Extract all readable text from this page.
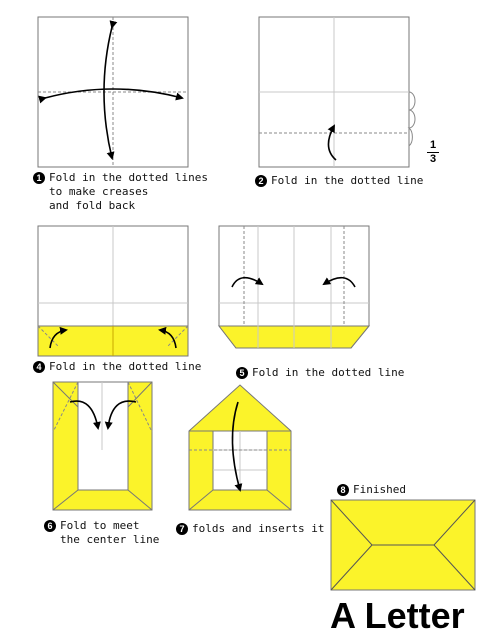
1 Fold in the dotted lines
to make creases
and fold back
2 Fold in the dotted line
1
3
4 Fold in the dotted line	5 Fold in the dotted line
6 Fold to meet
the center line
7 folds and inserts it
8 Finished
A Letter
